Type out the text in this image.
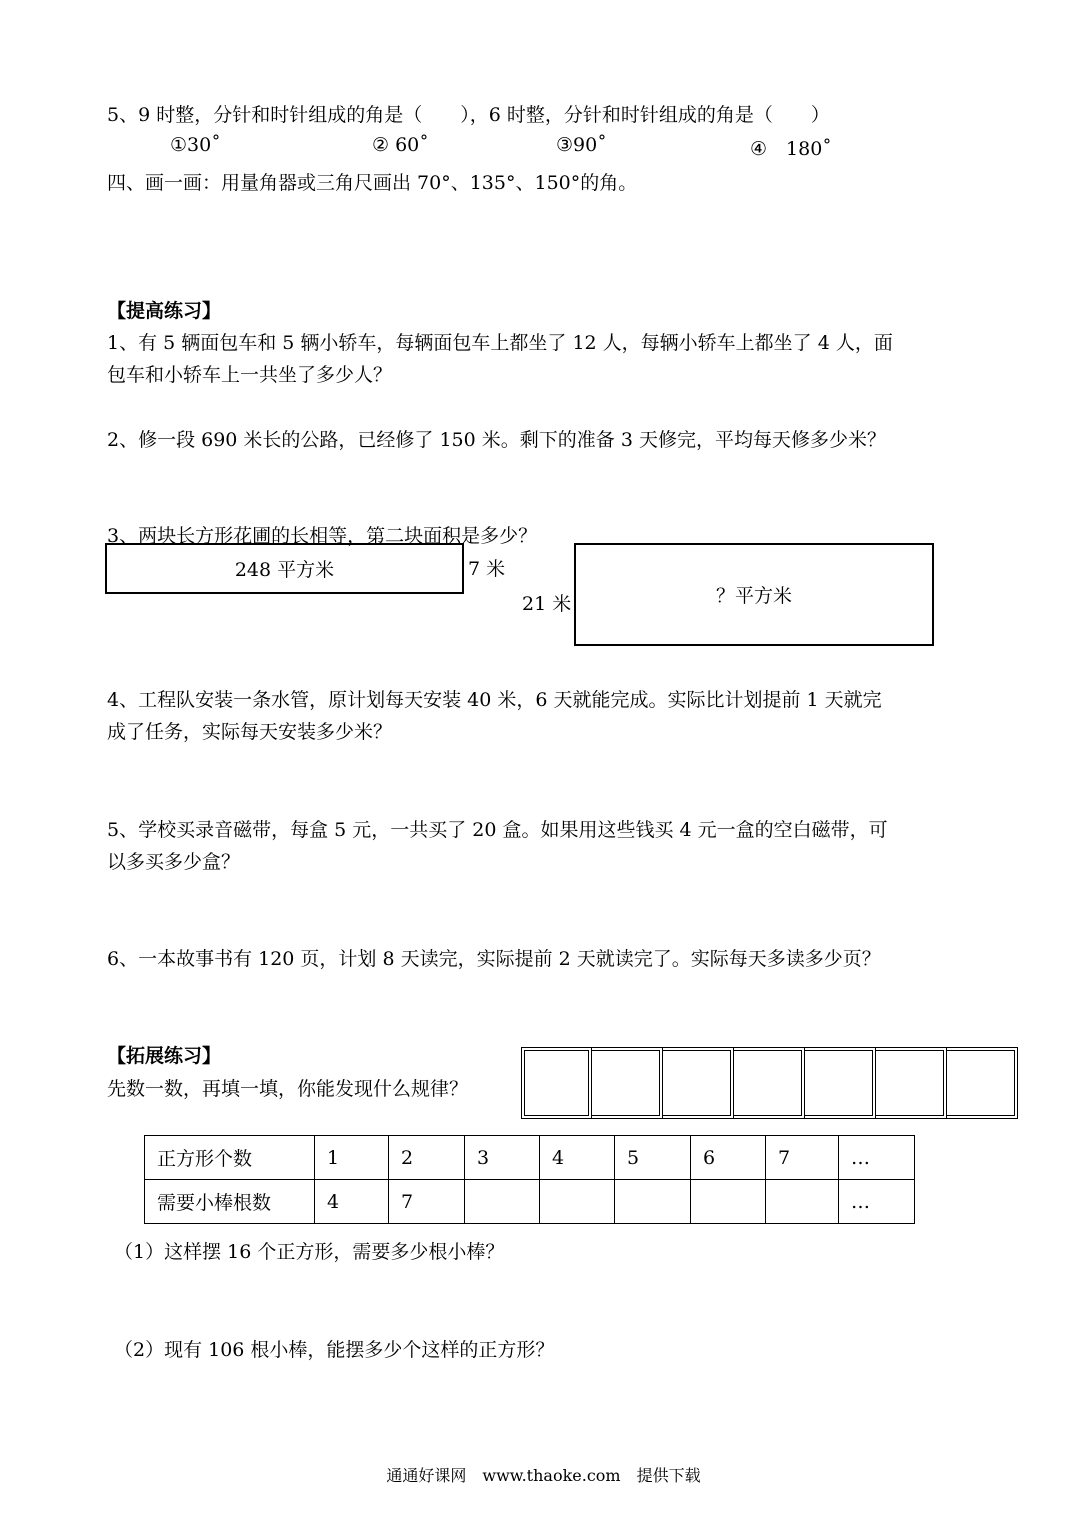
5、9 时整，分针和时针组成的角是（　　），6 时整，分针和时针组成的角是（　　）
①30˚	② 60˚	③90˚	④　180˚
四、画一画：用量角器或三角尺画出 70°、135°、150°的角。
【提高练习】
1、有 5 辆面包车和 5 辆小轿车，每辆面包车上都坐了 12 人，每辆小轿车上都坐了 4 人，面
包车和小轿车上一共坐了多少人？
2、修一段 690 米长的公路，已经修了 150 米。剩下的准备 3 天修完，平均每天修多少米？
3、两块长方形花圃的长相等，第二块面积是多少？
248 平方米	7 米
21 米	？平方米
4、工程队安装一条水管，原计划每天安装 40 米，6 天就能完成。实际比计划提前 1 天就完
成了任务，实际每天安装多少米？
5、学校买录音磁带，每盒 5 元，一共买了 20 盒。如果用这些钱买 4 元一盒的空白磁带，可
以多买多少盒？
6、一本故事书有 120 页，计划 8 天读完，实际提前 2 天就读完了。实际每天多读多少页？
【拓展练习】
先数一数，再填一填，你能发现什么规律？
正方形个数	1	2	3	4	5	6	7	…
需要小棒根数	4	7						…
（1）这样摆 16 个正方形，需要多少根小棒？
（2）现有 106 根小棒，能摆多少个这样的正方形？
通通好课网　www.thaoke.com　提供下载
